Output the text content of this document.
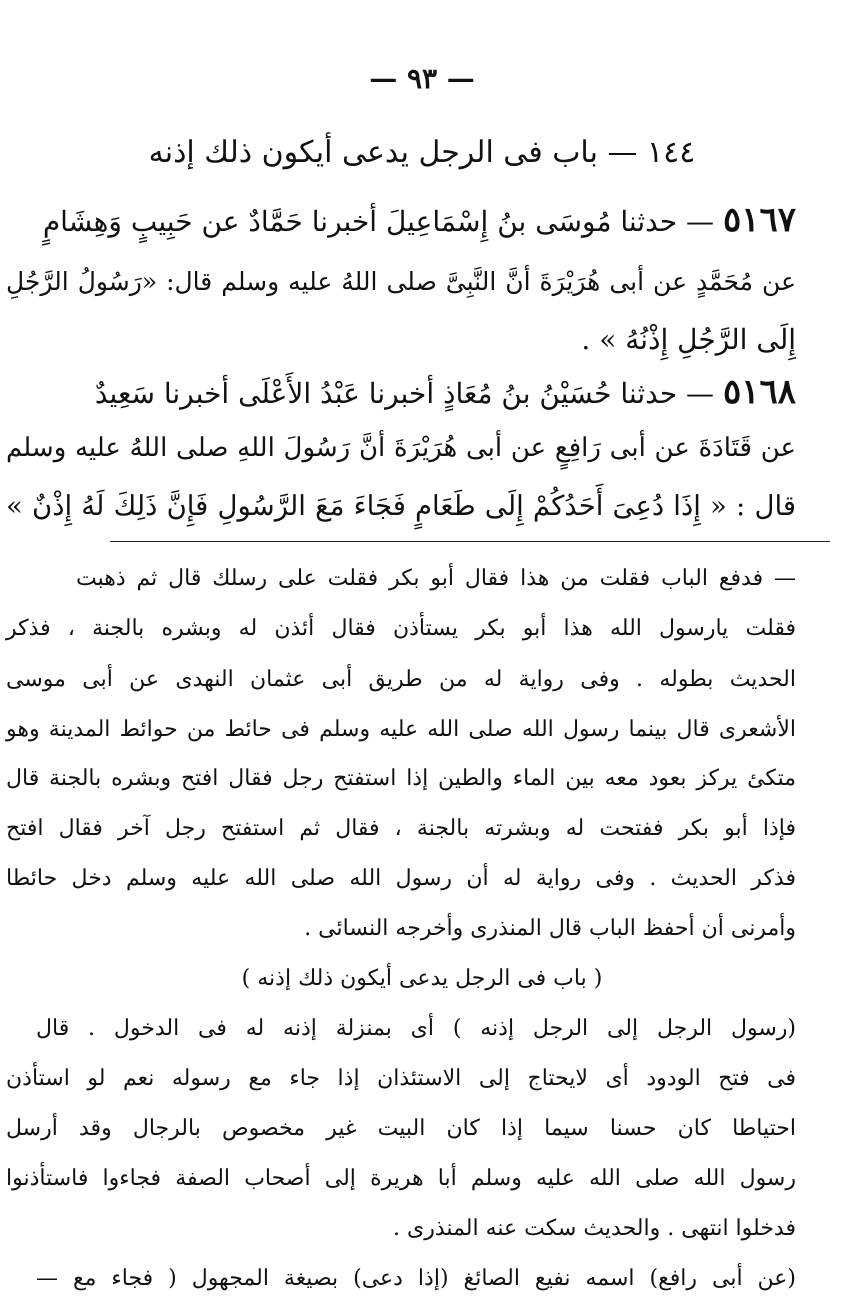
— ٩٣ —
١٤٤ — باب فى الرجل يدعى أيكون ذلك إذنه
٥١٦٧ — حدثنا مُوسَى بنُ إِسْمَاعِيلَ أخبرنا حَمَّادٌ عن حَبِيبٍ وَهِشَامٍ
عن مُحَمَّدٍ عن أبى هُرَيْرَةَ أنَّ النَّبِىَّ صلى اللهُ عليه وسلم قال: «رَسُولُ الرَّجُلِ
إِلَى الرَّجُلِ إِذْنُهُ » .
٥١٦٨ — حدثنا حُسَيْنُ بنُ مُعَاذٍ أخبرنا عَبْدُ الأَعْلَى أخبرنا سَعِيدٌ
عن قَتَادَةَ عن أبى رَافِعٍ عن أبى هُرَيْرَةَ أنَّ رَسُولَ اللهِ صلى اللهُ عليه وسلم
قال : « إِذَا دُعِىَ أَحَدُكُمْ إِلَى طَعَامٍ فَجَاءَ مَعَ الرَّسُولِ فَإِنَّ ذَلِكَ لَهُ إِذْنٌ »
— فدفع الباب فقلت من هذا فقال أبو بكر فقلت على رسلك قال ثم ذهبت
فقلت يارسول الله هذا أبو بكر يستأذن فقال أئذن له وبشره بالجنة ، فذكر
الحديث بطوله . وفى رواية له من طريق أبى عثمان النهدى عن أبى موسى
الأشعرى قال بينما رسول الله صلى الله عليه وسلم فى حائط من حوائط المدينة وهو
متكئ يركز بعود معه بين الماء والطين إذا استفتح رجل فقال افتح وبشره بالجنة قال
فإذا أبو بكر ففتحت له وبشرته بالجنة ، فقال ثم استفتح رجل آخر فقال افتح
فذكر الحديث . وفى رواية له أن رسول الله صلى الله عليه وسلم دخل حائطا
وأمرنى أن أحفظ الباب قال المنذرى وأخرجه النسائى .
( باب فى الرجل يدعى أيكون ذلك إذنه )
(رسول الرجل إلى الرجل إذنه ) أى بمنزلة إذنه له فى الدخول . قال
فى فتح الودود أى لايحتاج إلى الاستئذان إذا جاء مع رسوله نعم لو استأذن
احتياطا كان حسنا سيما إذا كان البيت غير مخصوص بالرجال وقد أرسل
رسول الله صلى الله عليه وسلم أبا هريرة إلى أصحاب الصفة فجاءوا فاستأذنوا
فدخلوا انتهى . والحديث سكت عنه المنذرى .
(عن أبى رافع) اسمه نفيع الصائغ (إذا دعى) بصيغة المجهول ( فجاء مع —
